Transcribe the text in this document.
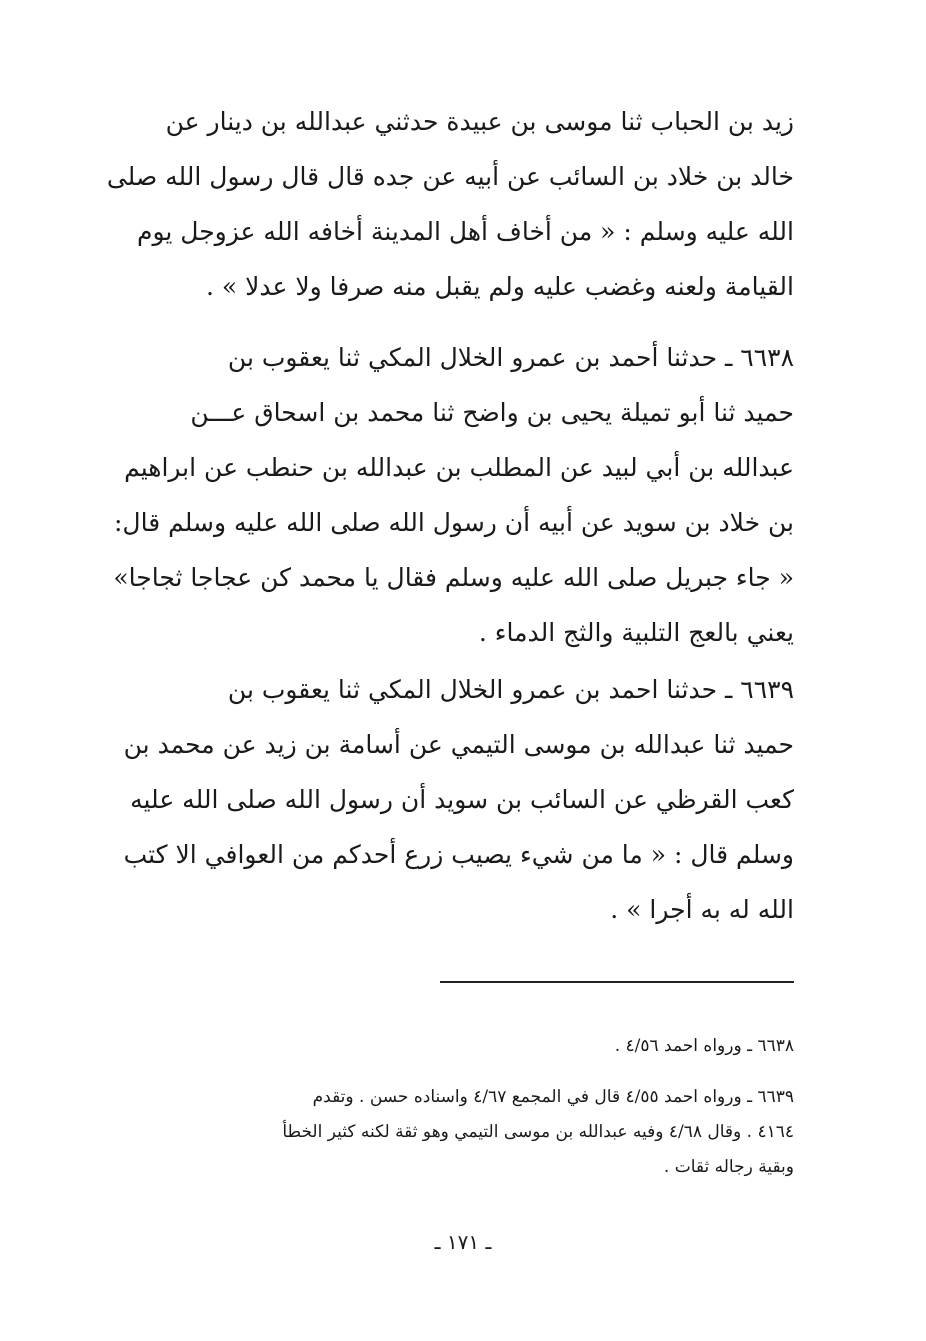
زيد بن الحباب ثنا موسى بن عبيدة حدثني عبدالله بن دينار عن
خالد بن خلاد بن السائب عن أبيه عن جده قال قال رسول الله صلى
الله عليه وسلم : « من أخاف أهل المدينة أخافه الله عزوجل يوم
القيامة ولعنه وغضب عليه ولم يقبل منه صرفا ولا عدلا » .
٦٦٣٨ ـ حدثنا أحمد بن عمرو الخلال المكي ثنا يعقوب بن
حميد ثنا أبو تميلة يحيى بن واضح ثنا محمد بن اسحاق عـــن
عبدالله بن أبي لبيد عن المطلب بن عبدالله بن حنطب عن ابراهيم
بن خلاد بن سويد عن أبيه أن رسول الله صلى الله عليه وسلم قال:
« جاء جبريل صلى الله عليه وسلم فقال يا محمد كن عجاجا ثجاجا»
يعني بالعج التلبية والثج الدماء .
٦٦٣٩ ـ حدثنا احمد بن عمرو الخلال المكي ثنا يعقوب بن
حميد ثنا عبدالله بن موسى التيمي عن أسامة بن زيد عن محمد بن
كعب القرظي عن السائب بن سويد أن رسول الله صلى الله عليه
وسلم قال : « ما من شيء يصيب زرع أحدكم من العوافي الا كتب
الله له به أجرا » .
٦٦٣٨ ـ ورواه احمد ٤/٥٦ .
٦٦٣٩ ـ ورواه احمد ٤/٥٥ قال في المجمع ٤/٦٧ واسناده حسن . وتقدم
٤١٦٤ . وقال ٤/٦٨ وفيه عبدالله بن موسى التيمي وهو ثقة لكنه كثير الخطأ
وبقية رجاله ثقات .
ـ ١٧١ ـ
